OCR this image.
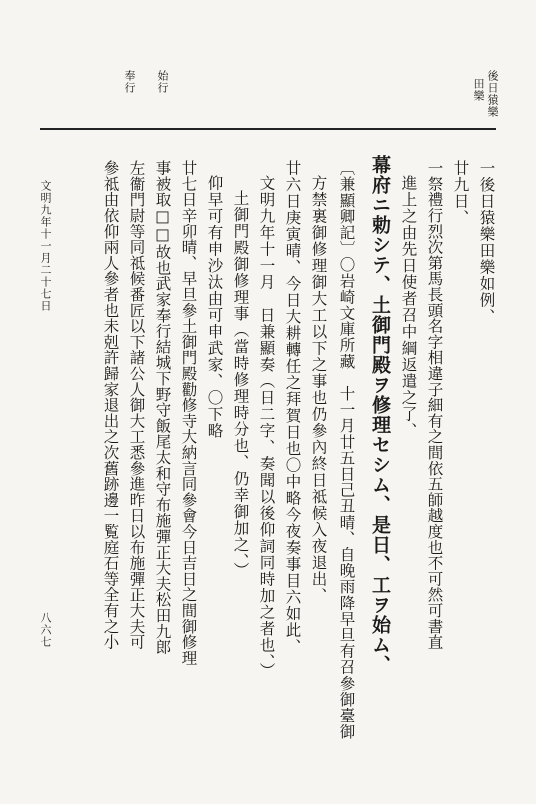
後日猿樂
田樂
始行
奉行
一後日猿樂田樂如例、
廿九日、
一祭禮行烈次第馬長頭名字相違子細有之間依五師越度也不可然可書直
進上之由先日使者召中綱返遣之了、
幕府ニ勅シテ、土御門殿ヲ修理セシム、是日、工ヲ始ム、
〔兼顯卿記〕〇岩崎文庫所藏　十一月廿五日己丑晴、自晚雨降早旦有召參御臺御
方禁裏御修理御大工以下之事也仍參內終日祗候入夜退出、
廿六日庚寅晴、今日大耕轉任之拜賀日也〇中略今夜奏事目六如此、
文明九年十一月　日兼顯奏（日二字、奏聞以後仰詞同時加之者也、）
土御門殿御修理事（當時修理時分也、仍幸御加之、）
仰早可有申沙汰由可申武家、〇下略
廿七日辛卯晴、早旦參土御門殿勸修寺大納言同參會今日吉日之間御修理
事被取□□故也武家奉行結城下野守飯尾太和守布施彈正大夫松田九郎
左衞門尉等同祗候番匠以下諸公人御大工悉參進昨日以布施彈正大夫可
參祗由依仰兩人參者也未剋許歸家退出之次舊跡邊一覧庭石等全有之小
文明九年十一月二十七日
八六七
